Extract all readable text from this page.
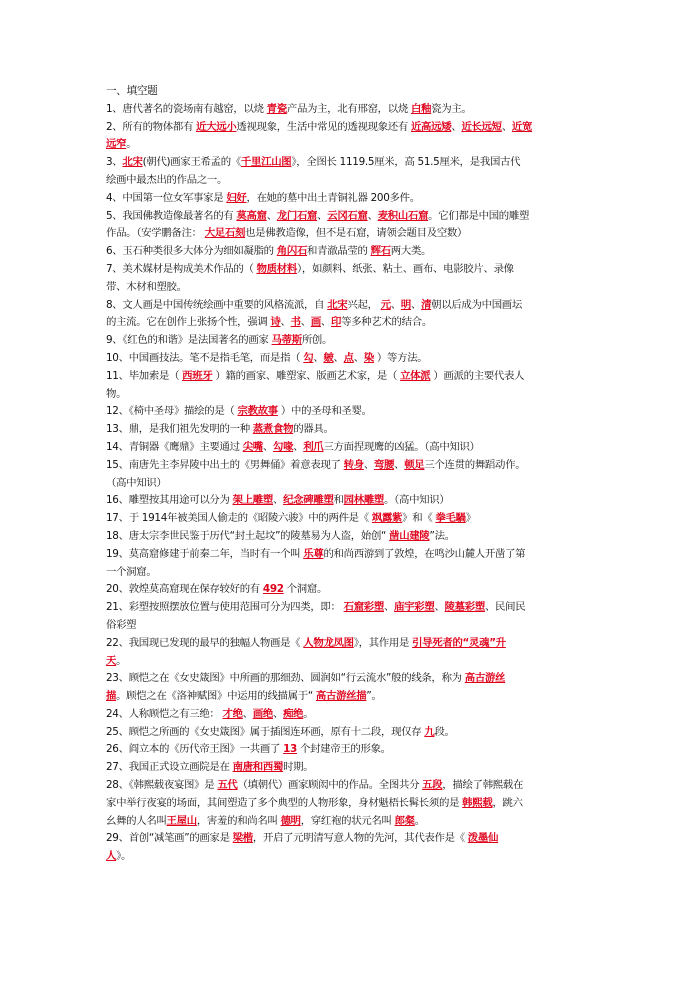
一、填空题
1、唐代著名的瓷场南有越窑，以烧 青瓷产品为主，北有邢窑，以烧 白釉瓷为主。
2、所有的物体都有 近大远小透视现象，生活中常见的透视现象还有 近高远矮、近长远短、近宽
远窄。
3、北宋(朝代)画家王希孟的《千里江山图》，全图长 1119.5厘米，高 51.5厘米，是我国古代
绘画中最杰出的作品之一。
4、中国第一位女军事家是 妇好，在她的墓中出土青铜礼器 200多件。
5、我国佛教造像最著名的有 莫高窟、龙门石窟、云冈石窟、麦积山石窟。它们都是中国的雕塑
作品。（安学鹏备注： 大足石刻也是佛教造像，但不是石窟，请领会题目及空数）
6、玉石种类很多大体分为细如凝脂的 角闪石和青澈晶莹的 辉石两大类。
7、美术媒材是构成美术作品的（ 物质材料），如颜料、纸张、粘土、画布、电影胶片、录像
带、木材和塑胶。
8、文人画是中国传统绘画中重要的风格流派，自 北宋兴起， 元、明、清朝以后成为中国画坛
的主流。它在创作上张扬个性，强调 诗、书、画、印等多种艺术的结合。
9、《红色的和谐》是法国著名的画家 马蒂斯所创。
10、中国画技法。笔不是指毛笔，而是指（ 勾、皴、点、染 ）等方法。
11、毕加索是（ 西班牙 ）籍的画家、雕塑家、版画艺术家，是（ 立体派 ）画派的主要代表人
物。
12、《椅中圣母》描绘的是（ 宗教故事 ）中的圣母和圣婴。
13、鼎，是我们祖先发明的一种 蒸煮食物的器具。
14、青铜器《鹰鼎》主要通过 尖嘴、勾喙、利爪三方面捏现鹰的凶猛。（高中知识）
15、南唐先主李昇陵中出土的《男舞俑》着意表现了 转身、弯腰、顿足三个连贯的舞蹈动作。
（高中知识）
16、雕塑按其用途可以分为 架上雕塑、纪念碑雕塑和园林雕塑。（高中知识）
17、于 1914年被美国人偷走的《昭陵六骏》中的两件是《 飒露紫》和《 拳毛騧》
18、唐太宗李世民鉴于历代“封土起坟”的陵墓易为人盗，始创“ 凿山建陵”法。
19、莫高窟修建于前秦二年，当时有一个叫 乐尊的和尚西游到了敦煌，在鸣沙山麓人开凿了第
一个洞窟。
20、敦煌莫高窟现在保存较好的有 492 个洞窟。
21、彩塑按照摆放位置与使用范围可分为四类，即： 石窟彩塑、庙宇彩塑、陵墓彩塑、民间民
俗彩塑
22、我国现已发现的最早的独幅人物画是《 人物龙凤图》，其作用是 引导死者的“灵魂”升
天。
23、顾恺之在《女史箴图》中所画的那细劲、圆润如“行云流水”般的线条，称为 高古游丝
描。顾恺之在《洛神赋图》中运用的线描属于“ 高古游丝描”。
24、人称顾恺之有三绝： 才绝、画绝、痴绝。
25、顾恺之所画的《女史箴图》属于插图连环画，原有十二段，现仅存 九段。
26、阎立本的《历代帝王图》一共画了 13 个封建帝王的形象。
27、我国正式设立画院是在 南唐和西蜀时期。
28、《韩熙载夜宴图》是 五代（填朝代）画家顾闳中的作品。全图共分 五段，描绘了韩熙载在
家中举行夜宴的场面，其间塑造了多个典型的人物形象，身材魁梧长髯长须的是 韩熙载，跳六
幺舞的人名叫王屋山，害羞的和尚名叫 德明，穿红袍的状元名叫 郎粲。
29、首创“减笔画”的画家是 梁楷，开启了元明清写意人物的先河，其代表作是《 泼墨仙
人》。
